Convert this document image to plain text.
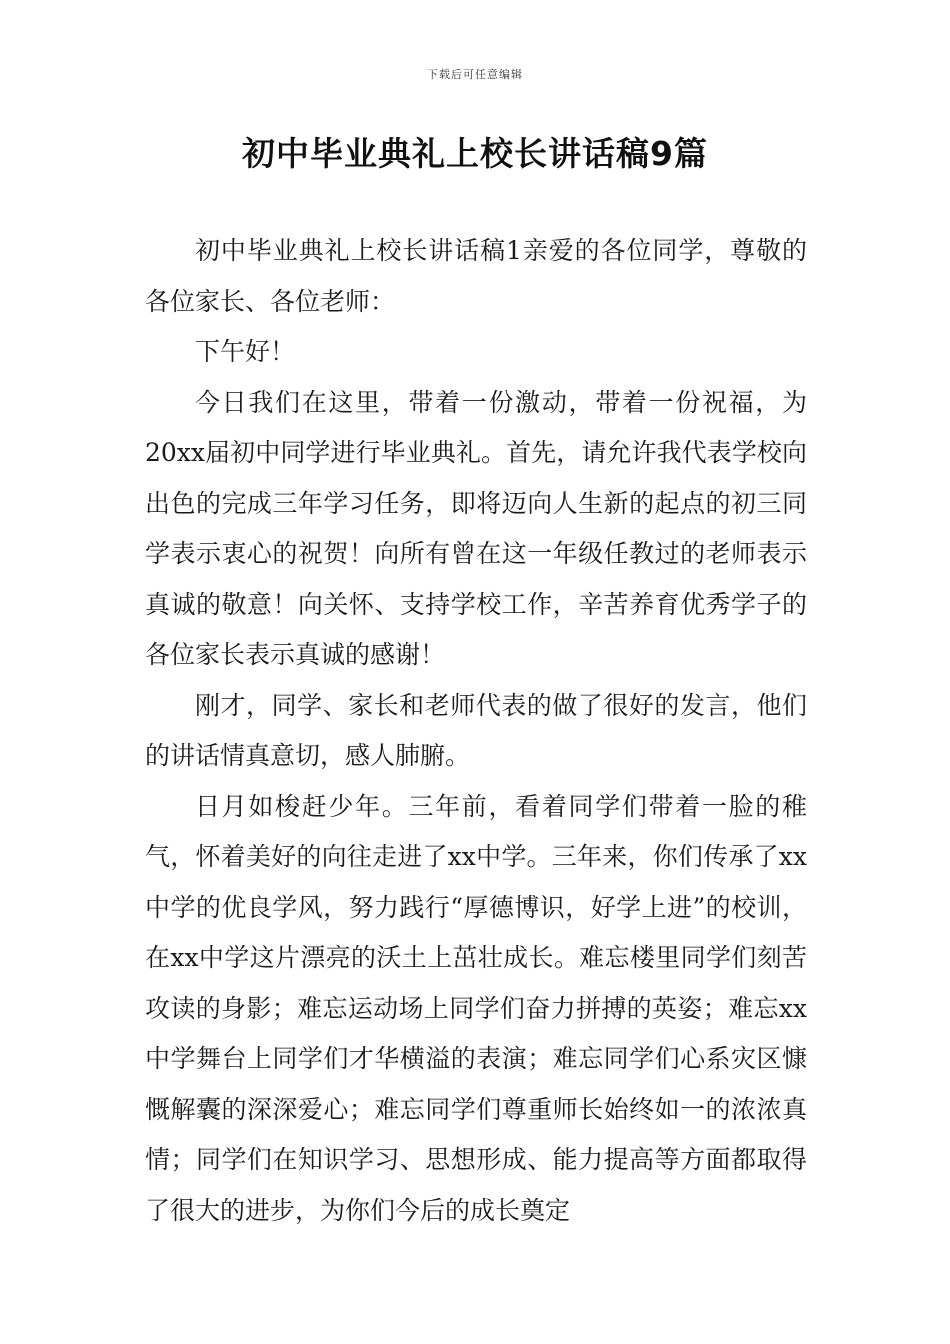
下载后可任意编辑
初中毕业典礼上校长讲话稿9篇

初中毕业典礼上校长讲话稿1亲爱的各位同学，尊敬的各位家长、各位老师：

下午好！

今日我们在这里，带着一份激动，带着一份祝福，为20xx届初中同学进行毕业典礼。首先，请允许我代表学校向出色的完成三年学习任务，即将迈向人生新的起点的初三同学表示衷心的祝贺！向所有曾在这一年级任教过的老师表示真诚的敬意！向关怀、支持学校工作，辛苦养育优秀学子的各位家长表示真诚的感谢！

刚才，同学、家长和老师代表的做了很好的发言，他们的讲话情真意切，感人肺腑。

日月如梭赶少年。三年前，看着同学们带着一脸的稚气，怀着美好的向往走进了xx中学。三年来，你们传承了xx中学的优良学风，努力践行“厚德博识，好学上进”的校训，在xx中学这片漂亮的沃土上茁壮成长。难忘楼里同学们刻苦攻读的身影；难忘运动场上同学们奋力拼搏的英姿；难忘xx中学舞台上同学们才华横溢的表演；难忘同学们心系灾区慷慨解囊的深深爱心；难忘同学们尊重师长始终如一的浓浓真情；同学们在知识学习、思想形成、能力提高等方面都取得了很大的进步，为你们今后的成长奠定
